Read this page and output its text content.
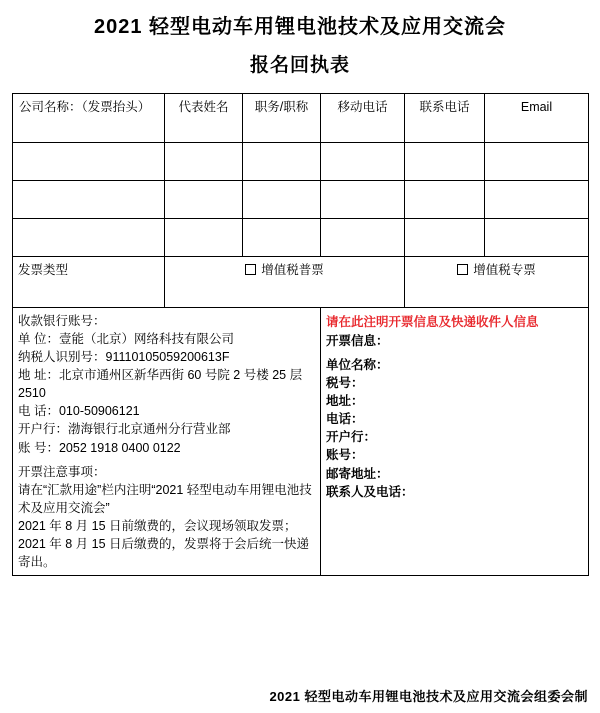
2021 轻型电动车用锂电池技术及应用交流会
报名回执表
公司名称：（发票抬头）	代表姓名	职务/职称	移动电话	联系电话	Email

发票类型	增值税普票			增值税专票	

收款银行账号：
单 位：壹能（北京）网络科技有限公司
纳税人识别号：91110105059200613F
地 址：北京市通州区新华西街 60 号院 2 号楼 25 层 2510
电 话：010-50906121
开户行：渤海银行北京通州分行营业部
账 号：2052 1918 0400 0122
开票注意事项：
请在“汇款用途”栏内注明“2021 轻型电动车用锂电池技术及应用交流会”
2021 年 8 月 15 日前缴费的，会议现场领取发票；
2021 年 8 月 15 日后缴费的，发票将于会后统一快递寄出。

请在此注明开票信息及快递收件人信息
开票信息：
单位名称：
税号：
地址：
电话：
开户行：
账号：
邮寄地址：
联系人及电话：
2021 轻型电动车用锂电池技术及应用交流会组委会制
